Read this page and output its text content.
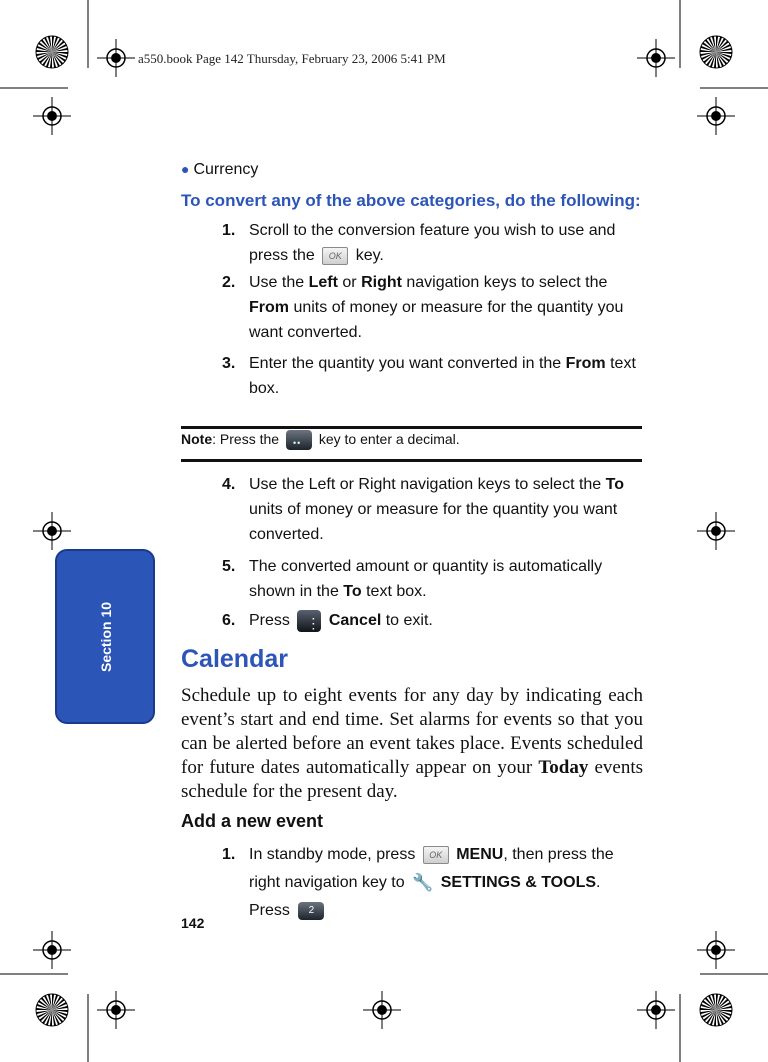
a550.book Page 142 Thursday, February 23, 2006 5:41 PM
Section 10
● Currency
To convert any of the above categories, do the following:
1. Scroll to the conversion feature you wish to use and press the OK key.
2. Use the Left or Right navigation keys to select the From units of money or measure for the quantity you want converted.
3. Enter the quantity you want converted in the From text box.
Note: Press the ••	key to enter a decimal.
4. Use the Left or Right navigation keys to select the To units of money or measure for the quantity you want converted.
5. The converted amount or quantity is automatically shown in the To text box.
6. Press ⋮ Cancel to exit.
Calendar
Schedule up to eight events for any day by indicating each event’s start and end time. Set alarms for events so that you can be alerted before an event takes place. Events scheduled for future dates automatically appear on your Today events schedule for the present day.
Add a new event
1. In standby mode, press OK MENU, then press the right navigation key to 🔧 SETTINGS & TOOLS. Press 2
142
